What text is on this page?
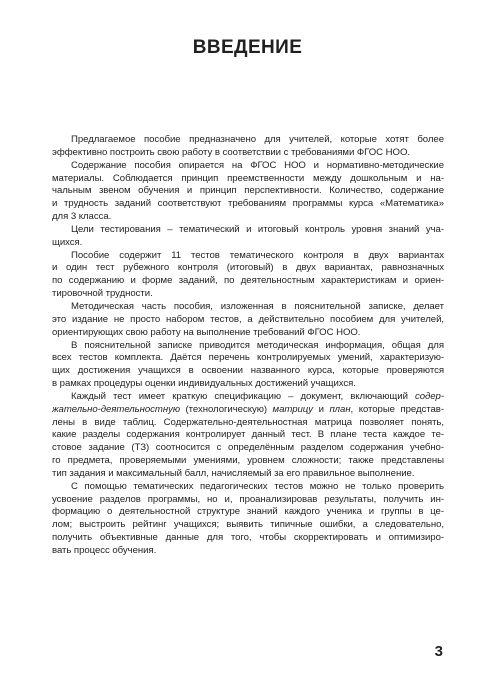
ВВЕДЕНИЕ

Предлагаемое пособие предназначено для учителей, которые хотят более
эффективно построить свою работу в соответствии с требованиями ФГОС НОО.

Содержание пособия опирается на ФГОС НОО и нормативно-методические
материалы. Соблюдается принцип преемственности между дошкольным и на-
чальным звеном обучения и принцип перспективности. Количество, содержание
и трудность заданий соответствуют требованиям программы курса «Математика»
для 3 класса.

Цели тестирования – тематический и итоговый контроль уровня знаний уча-
щихся.

Пособие содержит 11 тестов тематического контроля в двух вариантах
и один тест рубежного контроля (итоговый) в двух вариантах, равнозначных
по содержанию и форме заданий, по деятельностным характеристикам и ориен-
тировочной трудности.

Методическая часть пособия, изложенная в пояснительной записке, делает
это издание не просто набором тестов, а действительно пособием для учителей,
ориентирующих свою работу на выполнение требований ФГОС НОО.

В пояснительной записке приводится методическая информация, общая для
всех тестов комплекта. Даётся перечень контролируемых умений, характеризую-
щих достижения учащихся в освоении названного курса, которые проверяются
в рамках процедуры оценки индивидуальных достижений учащихся.

Каждый тест имеет краткую спецификацию – документ, включающий содер-
жательно-деятельностную (технологическую) матрицу и план, которые представ-
лены в виде таблиц. Содержательно-деятельностная матрица позволяет понять,
какие разделы содержания контролирует данный тест. В плане теста каждое те-
стовое задание (ТЗ) соотносится с определённым разделом содержания учебно-
го предмета, проверяемыми умениями, уровнем сложности; также представлены
тип задания и максимальный балл, начисляемый за его правильное выполнение.

С помощью тематических педагогических тестов можно не только проверить
усвоение разделов программы, но и, проанализировав результаты, получить ин-
формацию о деятельностной структуре знаний каждого ученика и группы в це-
лом; выстроить рейтинг учащихся; выявить типичные ошибки, а следовательно,
получить объективные данные для того, чтобы скорректировать и оптимизиро-
вать процесс обучения.

3
